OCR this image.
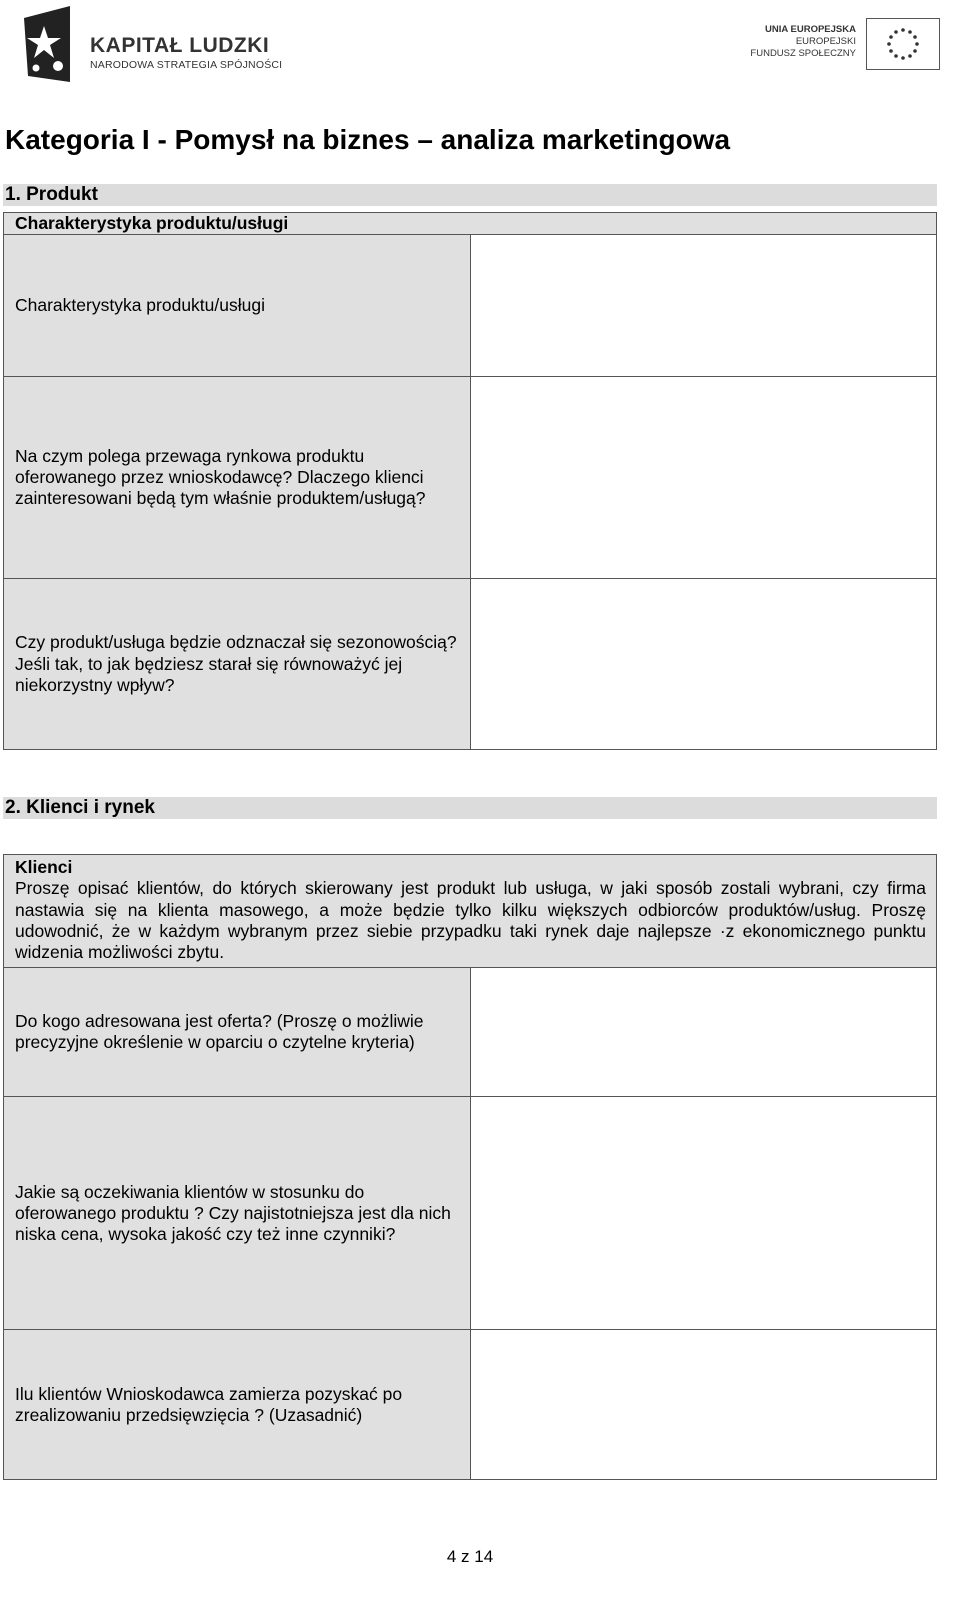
KAPITAŁ LUDZKI
NARODOWA STRATEGIA SPÓJNOŚCI
UNIA EUROPEJSKA
EUROPEJSKI
FUNDUSZ SPOŁECZNY
Kategoria I - Pomysł na biznes – analiza marketingowa
1. Produkt
Charakterystyka produktu/usługi	
Charakterystyka produktu/usługi	
Na czym polega przewaga rynkowa produktu oferowanego przez wnioskodawcę? Dlaczego klienci zainteresowani będą tym właśnie produktem/usługą?	
Czy produkt/usługa będzie odznaczał się sezonowością? Jeśli tak, to jak będziesz starał się równoważyć jej niekorzystny wpływ?	
2. Klienci i rynek
Klienci
Proszę opisać klientów, do których skierowany jest produkt lub usługa, w jaki sposób zostali wybrani, czy firma nastawia się na klienta masowego, a może będzie tylko kilku większych odbiorców produktów/usług. Proszę udowodnić, że w każdym wybranym przez siebie przypadku taki rynek daje najlepsze ·z ekonomicznego punktu widzenia możliwości zbytu.	
Do kogo adresowana jest oferta? (Proszę o możliwie precyzyjne określenie w oparciu o czytelne kryteria)	
Jakie są oczekiwania klientów w stosunku do oferowanego produktu ? Czy najistotniejsza jest dla nich niska cena, wysoka jakość czy też inne czynniki?	
Ilu klientów Wnioskodawca zamierza pozyskać po zrealizowaniu przedsięwzięcia ? (Uzasadnić)	
4 z 14
